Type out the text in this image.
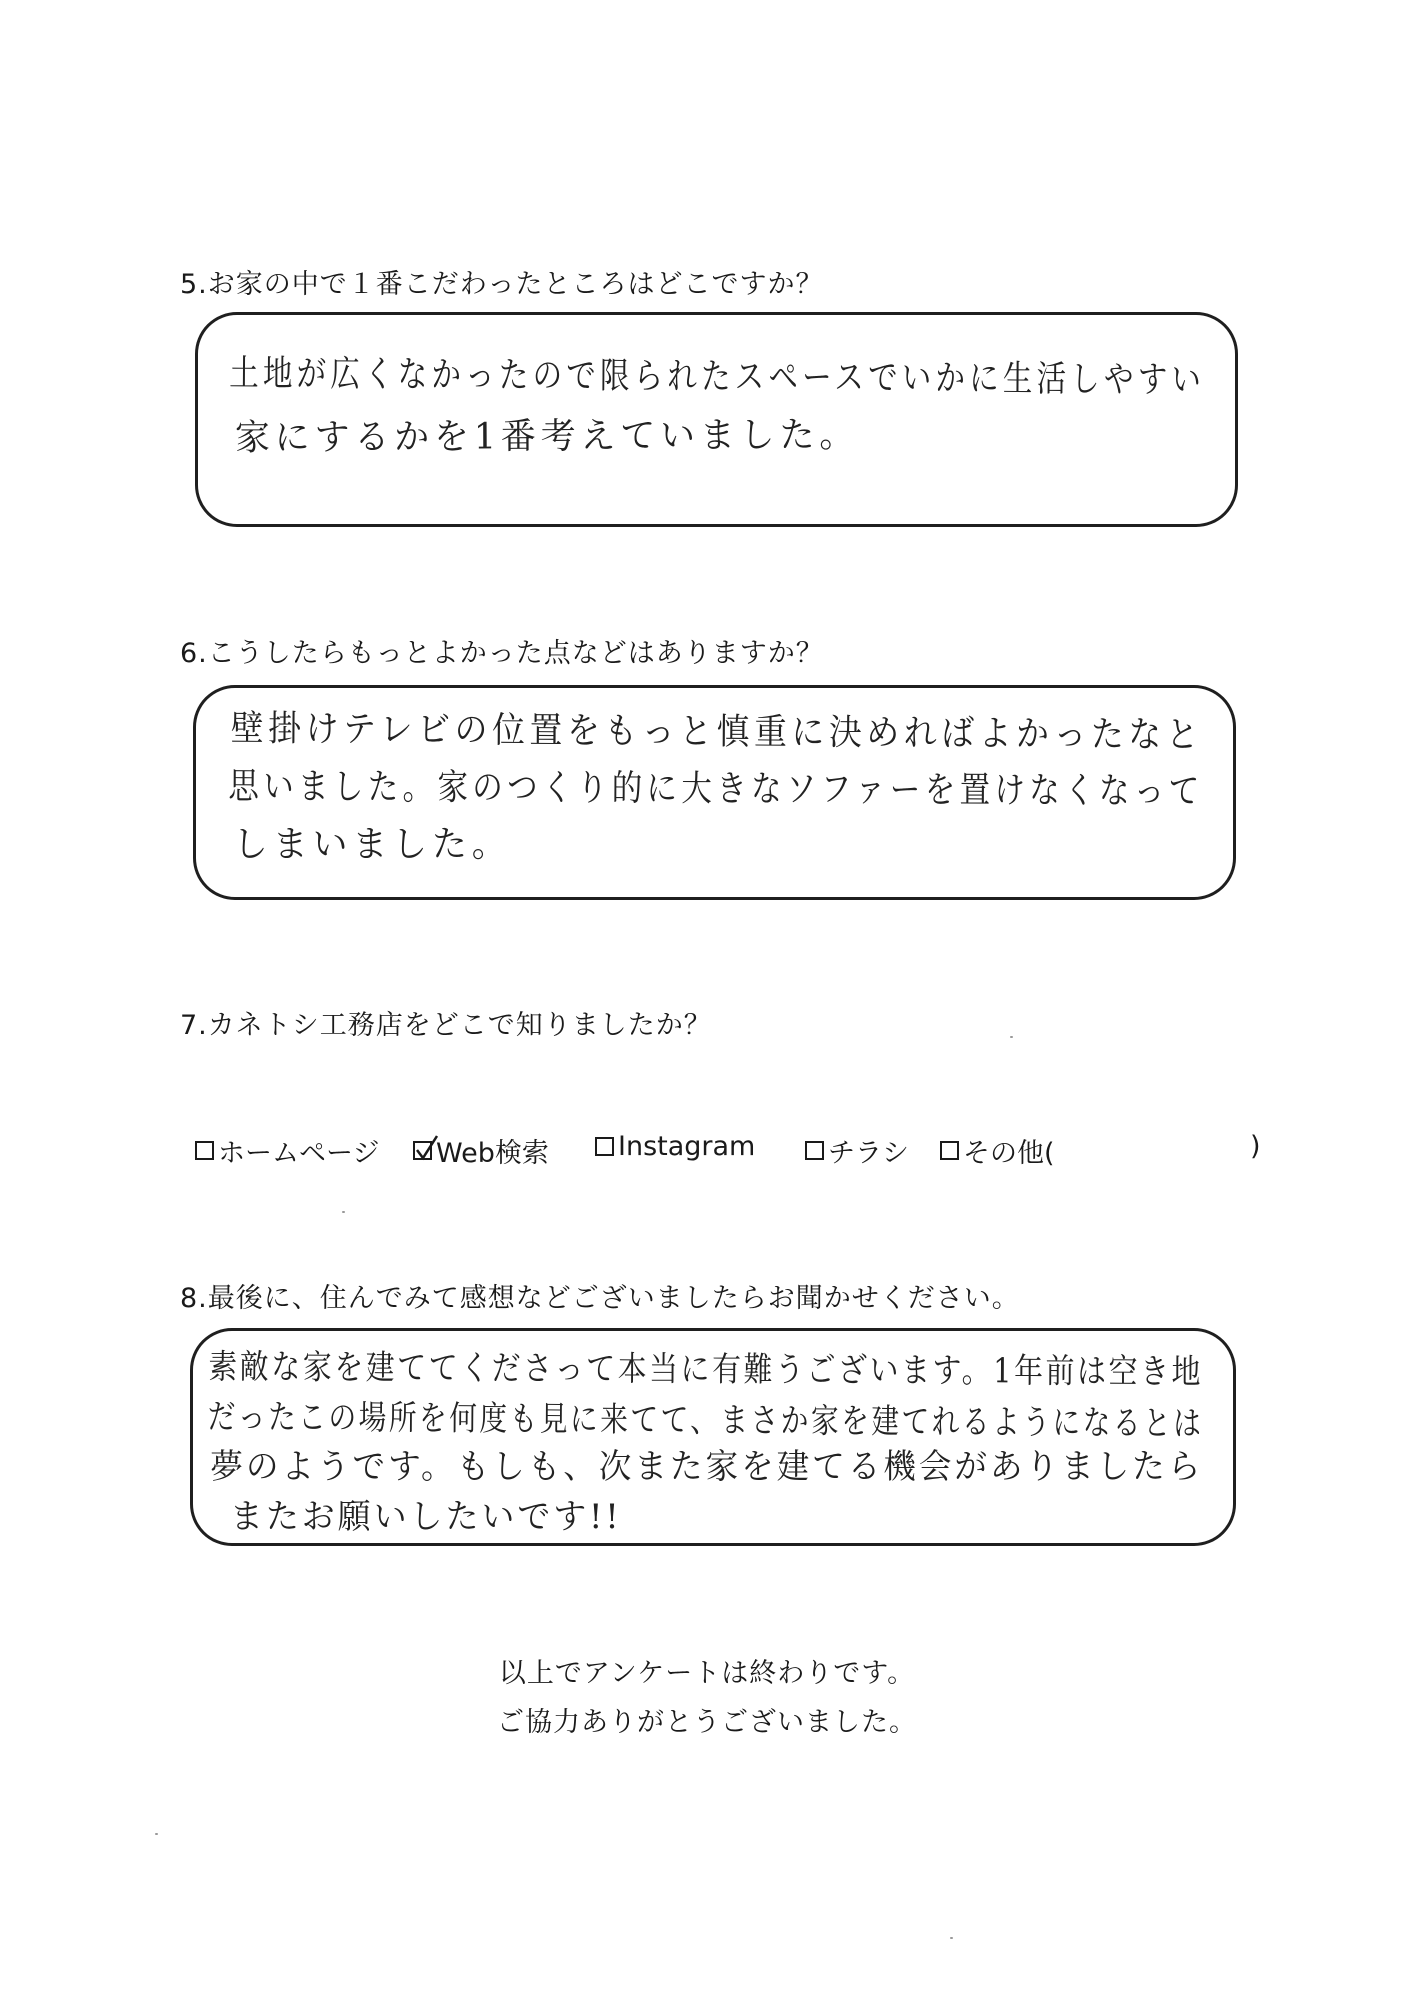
5.お家の中で１番こだわったところはどこですか？
土地が広くなかったので限られたスペースでいかに生活しやすい
家にするかを1番考えていました。
6.こうしたらもっとよかった点などはありますか？
壁掛けテレビの位置をもっと慎重に決めればよかったなと
思いました。家のつくり的に大きなソファーを置けなくなって
しまいました。
7.カネトシ工務店をどこで知りましたか？
ホームページ Web検索	Instagram	チラシ その他(	)
8.最後に、住んでみて感想などございましたらお聞かせください。
素敵な家を建ててくださって本当に有難うございます。1年前は空き地
だったこの場所を何度も見に来てて、まさか家を建てれるようになるとは
夢のようです。もしも、次また家を建てる機会がありましたら
またお願いしたいです!!
以上でアンケートは終わりです。
ご協力ありがとうございました。
